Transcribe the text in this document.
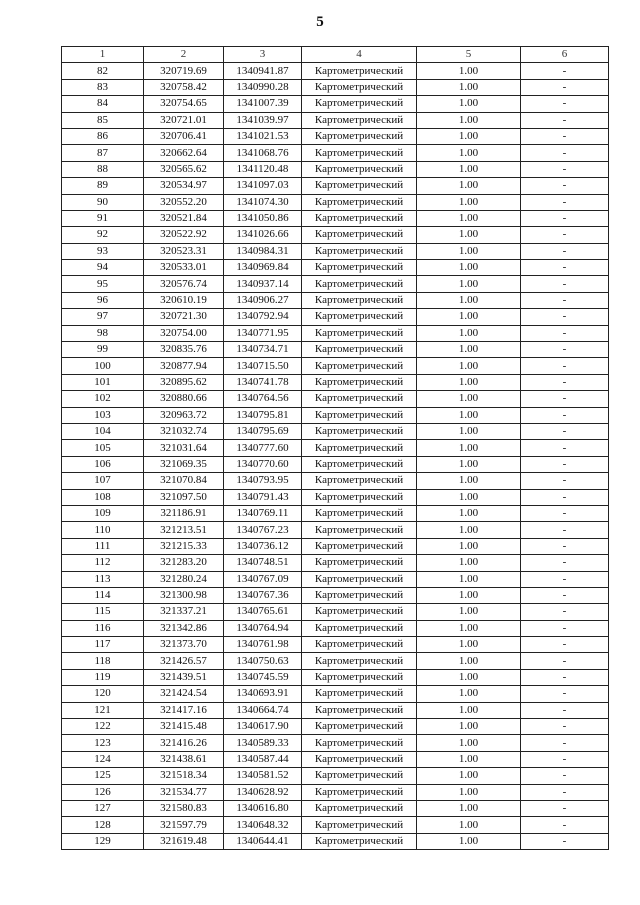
5
1	2	3	4	5	6
82	320719.69	1340941.87	Картометрический	1.00	-
83	320758.42	1340990.28	Картометрический	1.00	-
84	320754.65	1341007.39	Картометрический	1.00	-
85	320721.01	1341039.97	Картометрический	1.00	-
86	320706.41	1341021.53	Картометрический	1.00	-
87	320662.64	1341068.76	Картометрический	1.00	-
88	320565.62	1341120.48	Картометрический	1.00	-
89	320534.97	1341097.03	Картометрический	1.00	-
90	320552.20	1341074.30	Картометрический	1.00	-
91	320521.84	1341050.86	Картометрический	1.00	-
92	320522.92	1341026.66	Картометрический	1.00	-
93	320523.31	1340984.31	Картометрический	1.00	-
94	320533.01	1340969.84	Картометрический	1.00	-
95	320576.74	1340937.14	Картометрический	1.00	-
96	320610.19	1340906.27	Картометрический	1.00	-
97	320721.30	1340792.94	Картометрический	1.00	-
98	320754.00	1340771.95	Картометрический	1.00	-
99	320835.76	1340734.71	Картометрический	1.00	-
100	320877.94	1340715.50	Картометрический	1.00	-
101	320895.62	1340741.78	Картометрический	1.00	-
102	320880.66	1340764.56	Картометрический	1.00	-
103	320963.72	1340795.81	Картометрический	1.00	-
104	321032.74	1340795.69	Картометрический	1.00	-
105	321031.64	1340777.60	Картометрический	1.00	-
106	321069.35	1340770.60	Картометрический	1.00	-
107	321070.84	1340793.95	Картометрический	1.00	-
108	321097.50	1340791.43	Картометрический	1.00	-
109	321186.91	1340769.11	Картометрический	1.00	-
110	321213.51	1340767.23	Картометрический	1.00	-
111	321215.33	1340736.12	Картометрический	1.00	-
112	321283.20	1340748.51	Картометрический	1.00	-
113	321280.24	1340767.09	Картометрический	1.00	-
114	321300.98	1340767.36	Картометрический	1.00	-
115	321337.21	1340765.61	Картометрический	1.00	-
116	321342.86	1340764.94	Картометрический	1.00	-
117	321373.70	1340761.98	Картометрический	1.00	-
118	321426.57	1340750.63	Картометрический	1.00	-
119	321439.51	1340745.59	Картометрический	1.00	-
120	321424.54	1340693.91	Картометрический	1.00	-
121	321417.16	1340664.74	Картометрический	1.00	-
122	321415.48	1340617.90	Картометрический	1.00	-
123	321416.26	1340589.33	Картометрический	1.00	-
124	321438.61	1340587.44	Картометрический	1.00	-
125	321518.34	1340581.52	Картометрический	1.00	-
126	321534.77	1340628.92	Картометрический	1.00	-
127	321580.83	1340616.80	Картометрический	1.00	-
128	321597.79	1340648.32	Картометрический	1.00	-
129	321619.48	1340644.41	Картометрический	1.00	-
